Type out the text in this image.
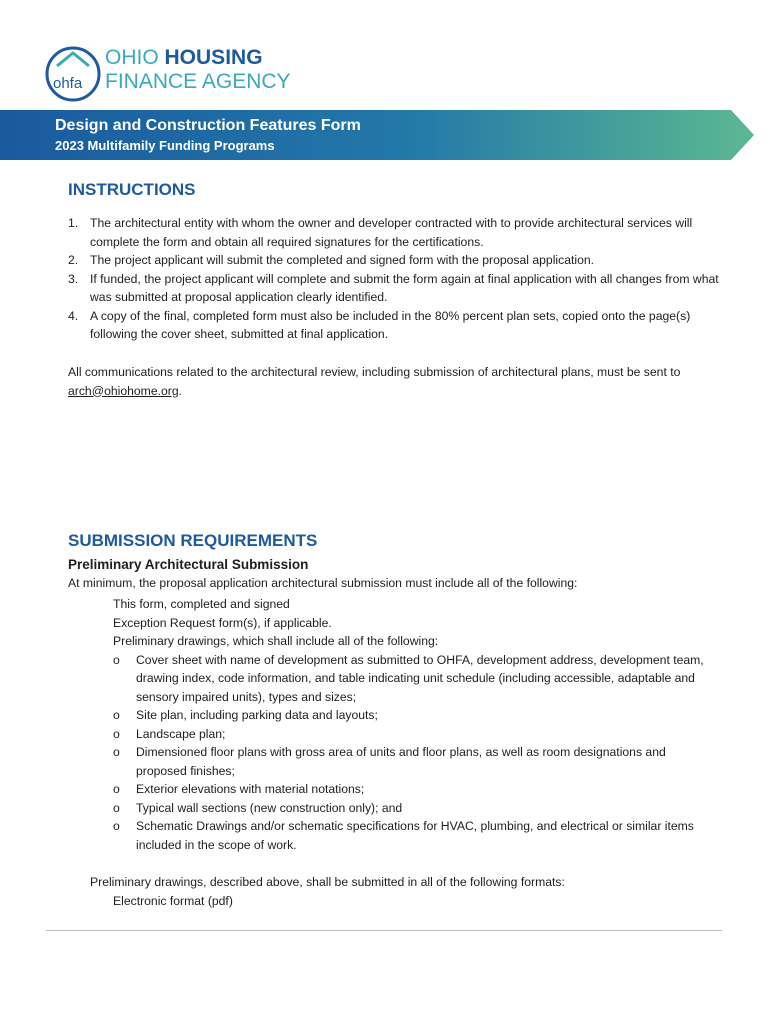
ohfa
OHIO HOUSING
FINANCE AGENCY
Design and Construction Features Form
2023 Multifamily Funding Programs
INSTRUCTIONS
1. The architectural entity with whom the owner and developer contracted with to provide architectural services will complete the form and obtain all required signatures for the certifications.
2. The project applicant will submit the completed and signed form with the proposal application.
3. If funded, the project applicant will complete and submit the form again at final application with all changes from what was submitted at proposal application clearly identified.
4. A copy of the final, completed form must also be included in the 80% percent plan sets, copied onto the page(s) following the cover sheet, submitted at final application.
All communications related to the architectural review, including submission of architectural plans, must be sent to arch@ohiohome.org.
SUBMISSION REQUIREMENTS
Preliminary Architectural Submission
At minimum, the proposal application architectural submission must include all of the following:
This form, completed and signed
Exception Request form(s), if applicable.
Preliminary drawings, which shall include all of the following:
o Cover sheet with name of development as submitted to OHFA, development address, development team, drawing index, code information, and table indicating unit schedule (including accessible, adaptable and sensory impaired units), types and sizes;
o Site plan, including parking data and layouts;
o Landscape plan;
o Dimensioned floor plans with gross area of units and floor plans, as well as room designations and proposed finishes;
o Exterior elevations with material notations;
o Typical wall sections (new construction only); and
o Schematic Drawings and/or schematic specifications for HVAC, plumbing, and electrical or similar items included in the scope of work.
Preliminary drawings, described above, shall be submitted in all of the following formats:
Electronic format (pdf)
